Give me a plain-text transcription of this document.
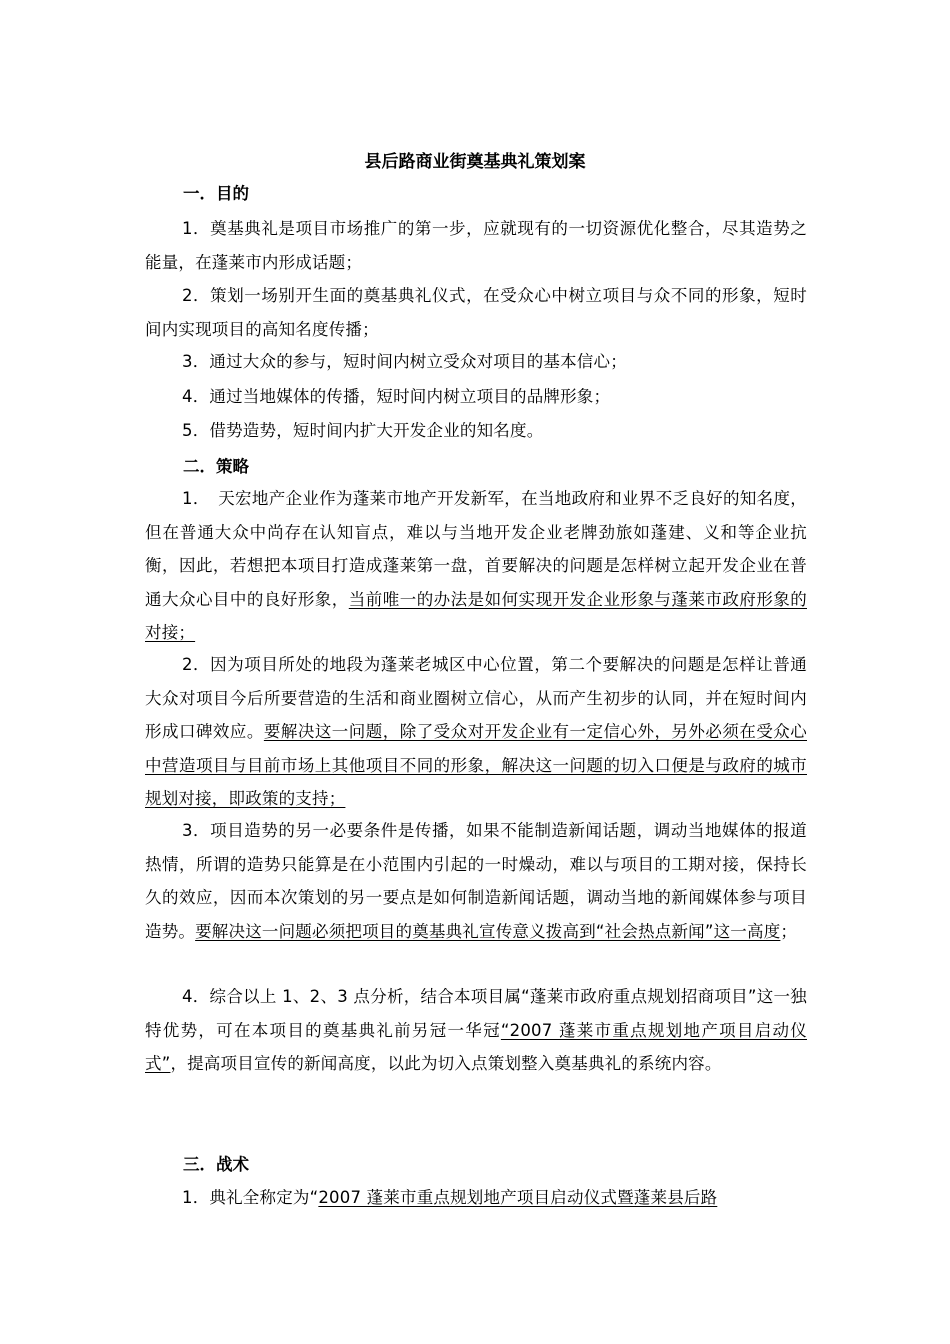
县后路商业街奠基典礼策划案
一．目的
1．奠基典礼是项目市场推广的第一步，应就现有的一切资源优化整合，尽其造势之能量，在蓬莱市内形成话题；
2．策划一场别开生面的奠基典礼仪式，在受众心中树立项目与众不同的形象，短时间内实现项目的高知名度传播；
3．通过大众的参与，短时间内树立受众对项目的基本信心；
4．通过当地媒体的传播，短时间内树立项目的品牌形象；
5．借势造势，短时间内扩大开发企业的知名度。
二．策略
1．　天宏地产企业作为蓬莱市地产开发新军，在当地政府和业界不乏良好的知名度，但在普通大众中尚存在认知盲点，难以与当地开发企业老牌劲旅如蓬建、义和等企业抗衡，因此，若想把本项目打造成蓬莱第一盘，首要解决的问题是怎样树立起开发企业在普通大众心目中的良好形象，当前唯一的办法是如何实现开发企业形象与蓬莱市政府形象的对接；
2．因为项目所处的地段为蓬莱老城区中心位置，第二个要解决的问题是怎样让普通大众对项目今后所要营造的生活和商业圈树立信心，从而产生初步的认同，并在短时间内形成口碑效应。要解决这一问题，除了受众对开发企业有一定信心外，另外必须在受众心中营造项目与目前市场上其他项目不同的形象，解决这一问题的切入口便是与政府的城市规划对接，即政策的支持；
3．项目造势的另一必要条件是传播，如果不能制造新闻话题，调动当地媒体的报道热情，所谓的造势只能算是在小范围内引起的一时燥动，难以与项目的工期对接，保持长久的效应，因而本次策划的另一要点是如何制造新闻话题，调动当地的新闻媒体参与项目造势。要解决这一问题必须把项目的奠基典礼宣传意义拨高到“社会热点新闻”这一高度；
4．综合以上 1、2、3 点分析，结合本项目属“蓬莱市政府重点规划招商项目”这一独特优势，可在本项目的奠基典礼前另冠一华冠“2007 蓬莱市重点规划地产项目启动仪式”，提高项目宣传的新闻高度，以此为切入点策划整入奠基典礼的系统内容。
三．战术
1．典礼全称定为“2007 蓬莱市重点规划地产项目启动仪式暨蓬莱县后路
